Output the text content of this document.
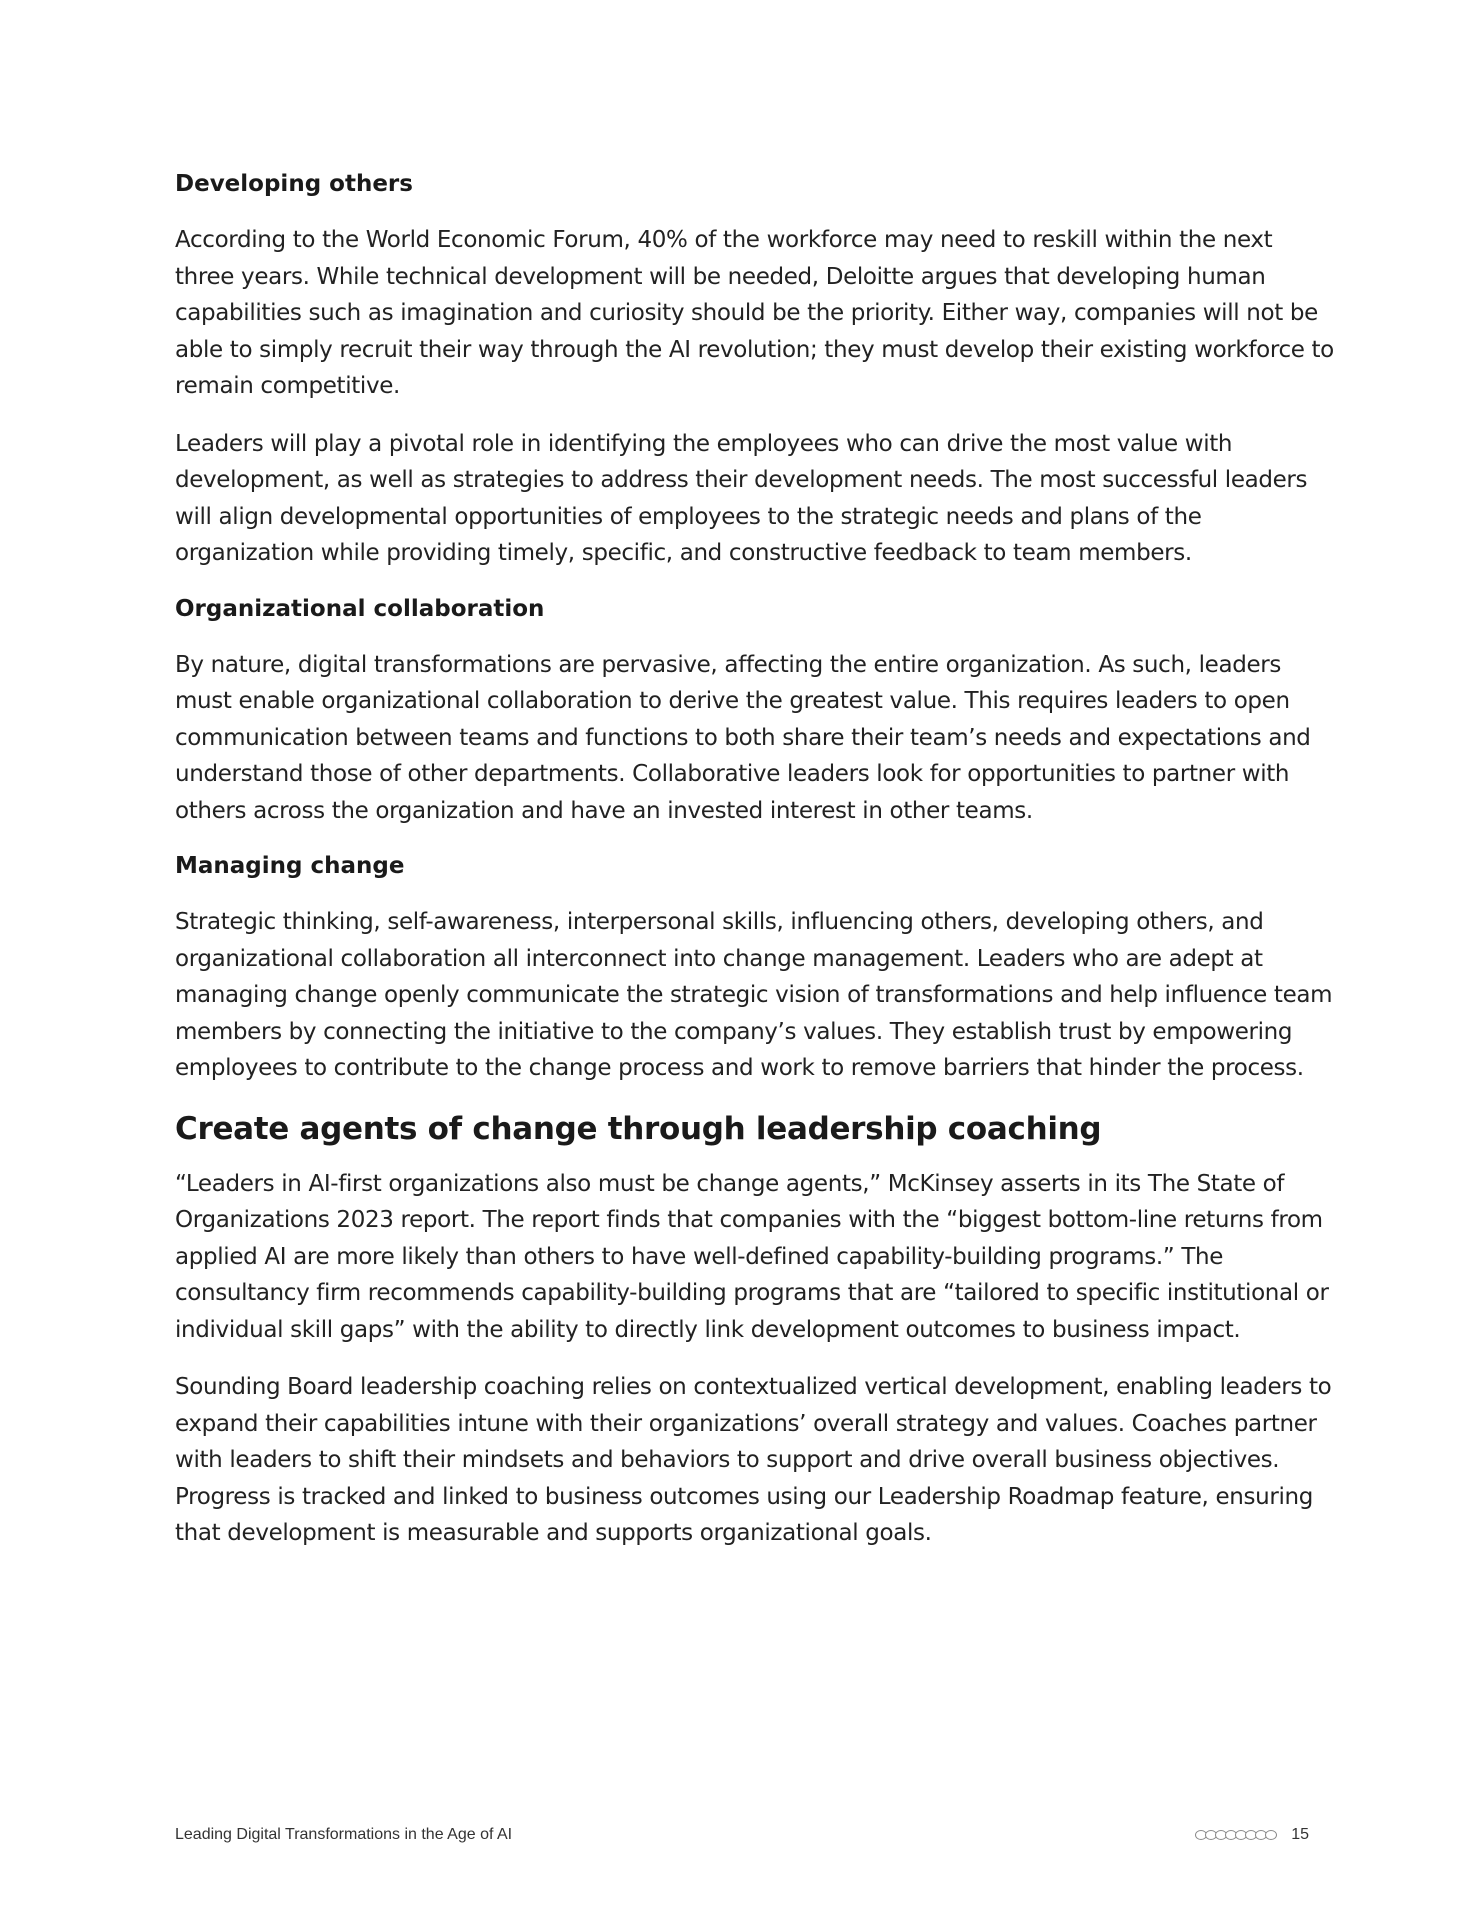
Developing others

According to the World Economic Forum, 40% of the workforce may need to reskill within the next three years. While technical development will be needed, Deloitte argues that developing human capabilities such as imagination and curiosity should be the priority. Either way, companies will not be able to simply recruit their way through the AI revolution; they must develop their existing workforce to remain competitive.

Leaders will play a pivotal role in identifying the employees who can drive the most value with development, as well as strategies to address their development needs. The most successful leaders will align developmental opportunities of employees to the strategic needs and plans of the organization while providing timely, specific, and constructive feedback to team members.

Organizational collaboration

By nature, digital transformations are pervasive, affecting the entire organization. As such, leaders must enable organizational collaboration to derive the greatest value. This requires leaders to open communication between teams and functions to both share their team’s needs and expectations and understand those of other departments. Collaborative leaders look for opportunities to partner with others across the organization and have an invested interest in other teams.

Managing change

Strategic thinking, self-awareness, interpersonal skills, influencing others, developing others, and organizational collaboration all interconnect into change management. Leaders who are adept at managing change openly communicate the strategic vision of transformations and help influence team members by connecting the initiative to the company’s values. They establish trust by empowering employees to contribute to the change process and work to remove barriers that hinder the process.

Create agents of change through leadership coaching

“Leaders in AI-first organizations also must be change agents,” McKinsey asserts in its The State of Organizations 2023 report. The report finds that companies with the “biggest bottom-line returns from applied AI are more likely than others to have well-defined capability-building programs.” The consultancy firm recommends capability-building programs that are “tailored to specific institutional or individual skill gaps” with the ability to directly link development outcomes to business impact.

Sounding Board leadership coaching relies on contextualized vertical development, enabling leaders to expand their capabilities intune with their organizations’ overall strategy and values. Coaches partner with leaders to shift their mindsets and behaviors to support and drive overall business objectives. Progress is tracked and linked to business outcomes using our Leadership Roadmap feature, ensuring that development is measurable and supports organizational goals.

Leading Digital Transformations in the Age of AI	15
